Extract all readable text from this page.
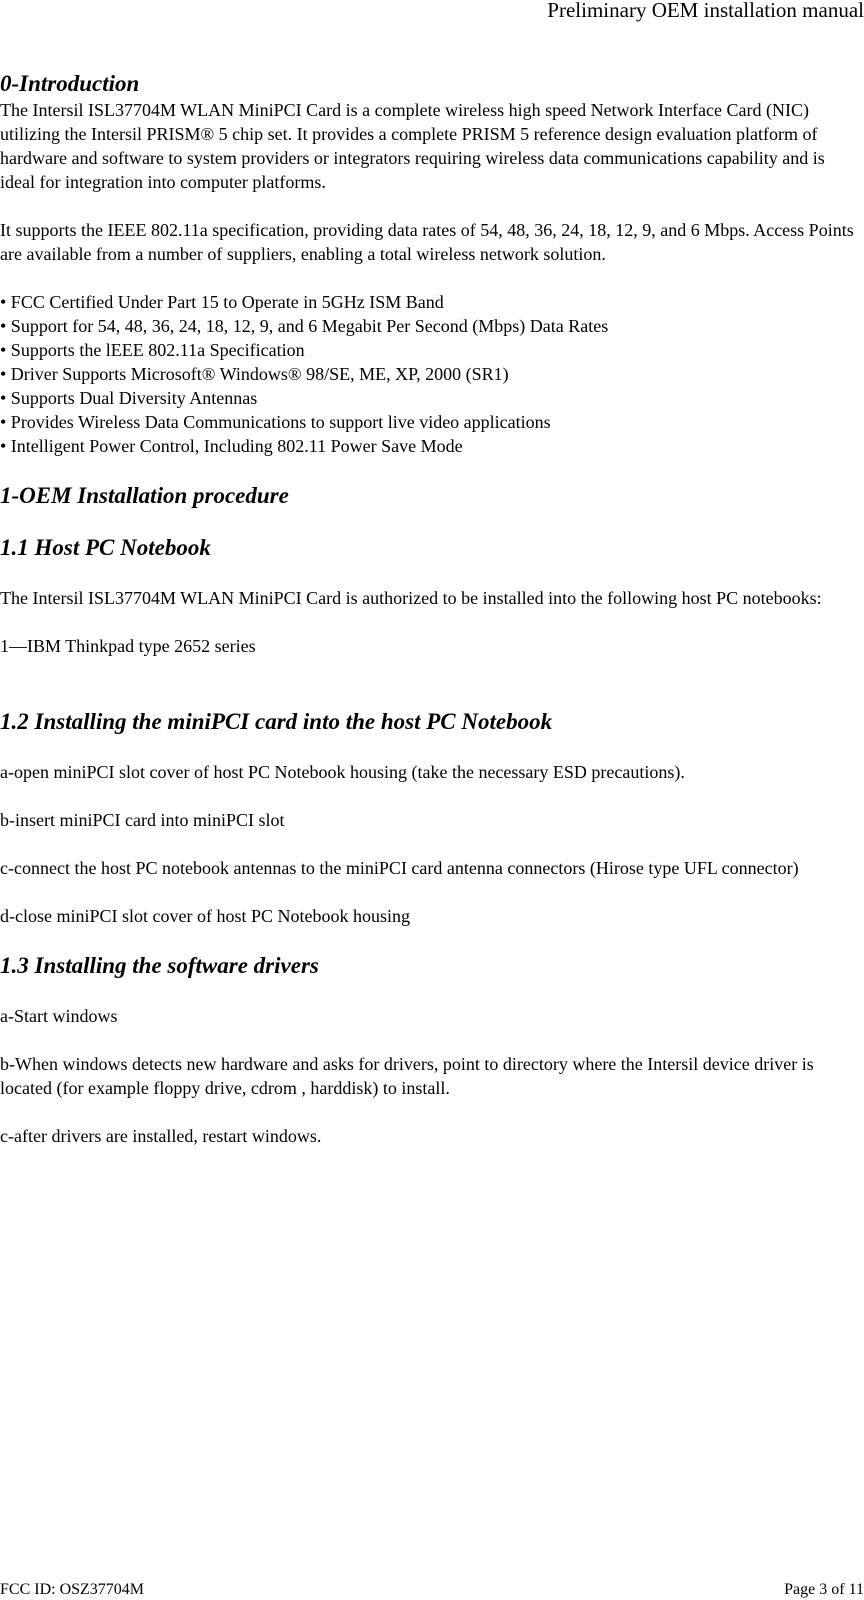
Preliminary OEM installation manual
0-Introduction

The Intersil ISL37704M WLAN MiniPCI Card is a complete wireless high speed Network Interface Card (NIC) utilizing the Intersil PRISM® 5 chip set. It provides a complete PRISM 5 reference design evaluation platform of hardware and software to system providers or integrators requiring wireless data communications capability and is ideal for integration into computer platforms.

It supports the IEEE 802.11a specification, providing data rates of 54, 48, 36, 24, 18, 12, 9, and 6 Mbps. Access Points are available from a number of suppliers, enabling a total wireless network solution.

• FCC Certified Under Part 15 to Operate in 5GHz ISM Band
• Support for 54, 48, 36, 24, 18, 12, 9, and 6 Megabit Per Second (Mbps) Data Rates
• Supports the lEEE 802.11a Specification
• Driver Supports Microsoft® Windows® 98/SE, ME, XP, 2000 (SR1)
• Supports Dual Diversity Antennas
• Provides Wireless Data Communications to support live video applications
• Intelligent Power Control, Including 802.11 Power Save Mode
1-OEM Installation procedure
1.1 Host PC Notebook

The Intersil ISL37704M WLAN MiniPCI Card is authorized to be installed into the following host PC notebooks:

1—IBM Thinkpad type 2652 series

1.2 Installing the miniPCI card into the host PC Notebook

a-open miniPCI slot cover of host PC Notebook housing (take the necessary ESD precautions).

b-insert miniPCI card into miniPCI slot

c-connect the host PC notebook antennas to the miniPCI card antenna connectors (Hirose type UFL connector)

d-close miniPCI slot cover of host PC Notebook housing

1.3 Installing the software drivers

a-Start windows

b-When windows detects new hardware and asks for drivers, point to directory where the Intersil device driver is located (for example floppy drive, cdrom , harddisk) to install.

c-after drivers are installed, restart windows.

FCC ID: OSZ37704M	Page 3 of 11
